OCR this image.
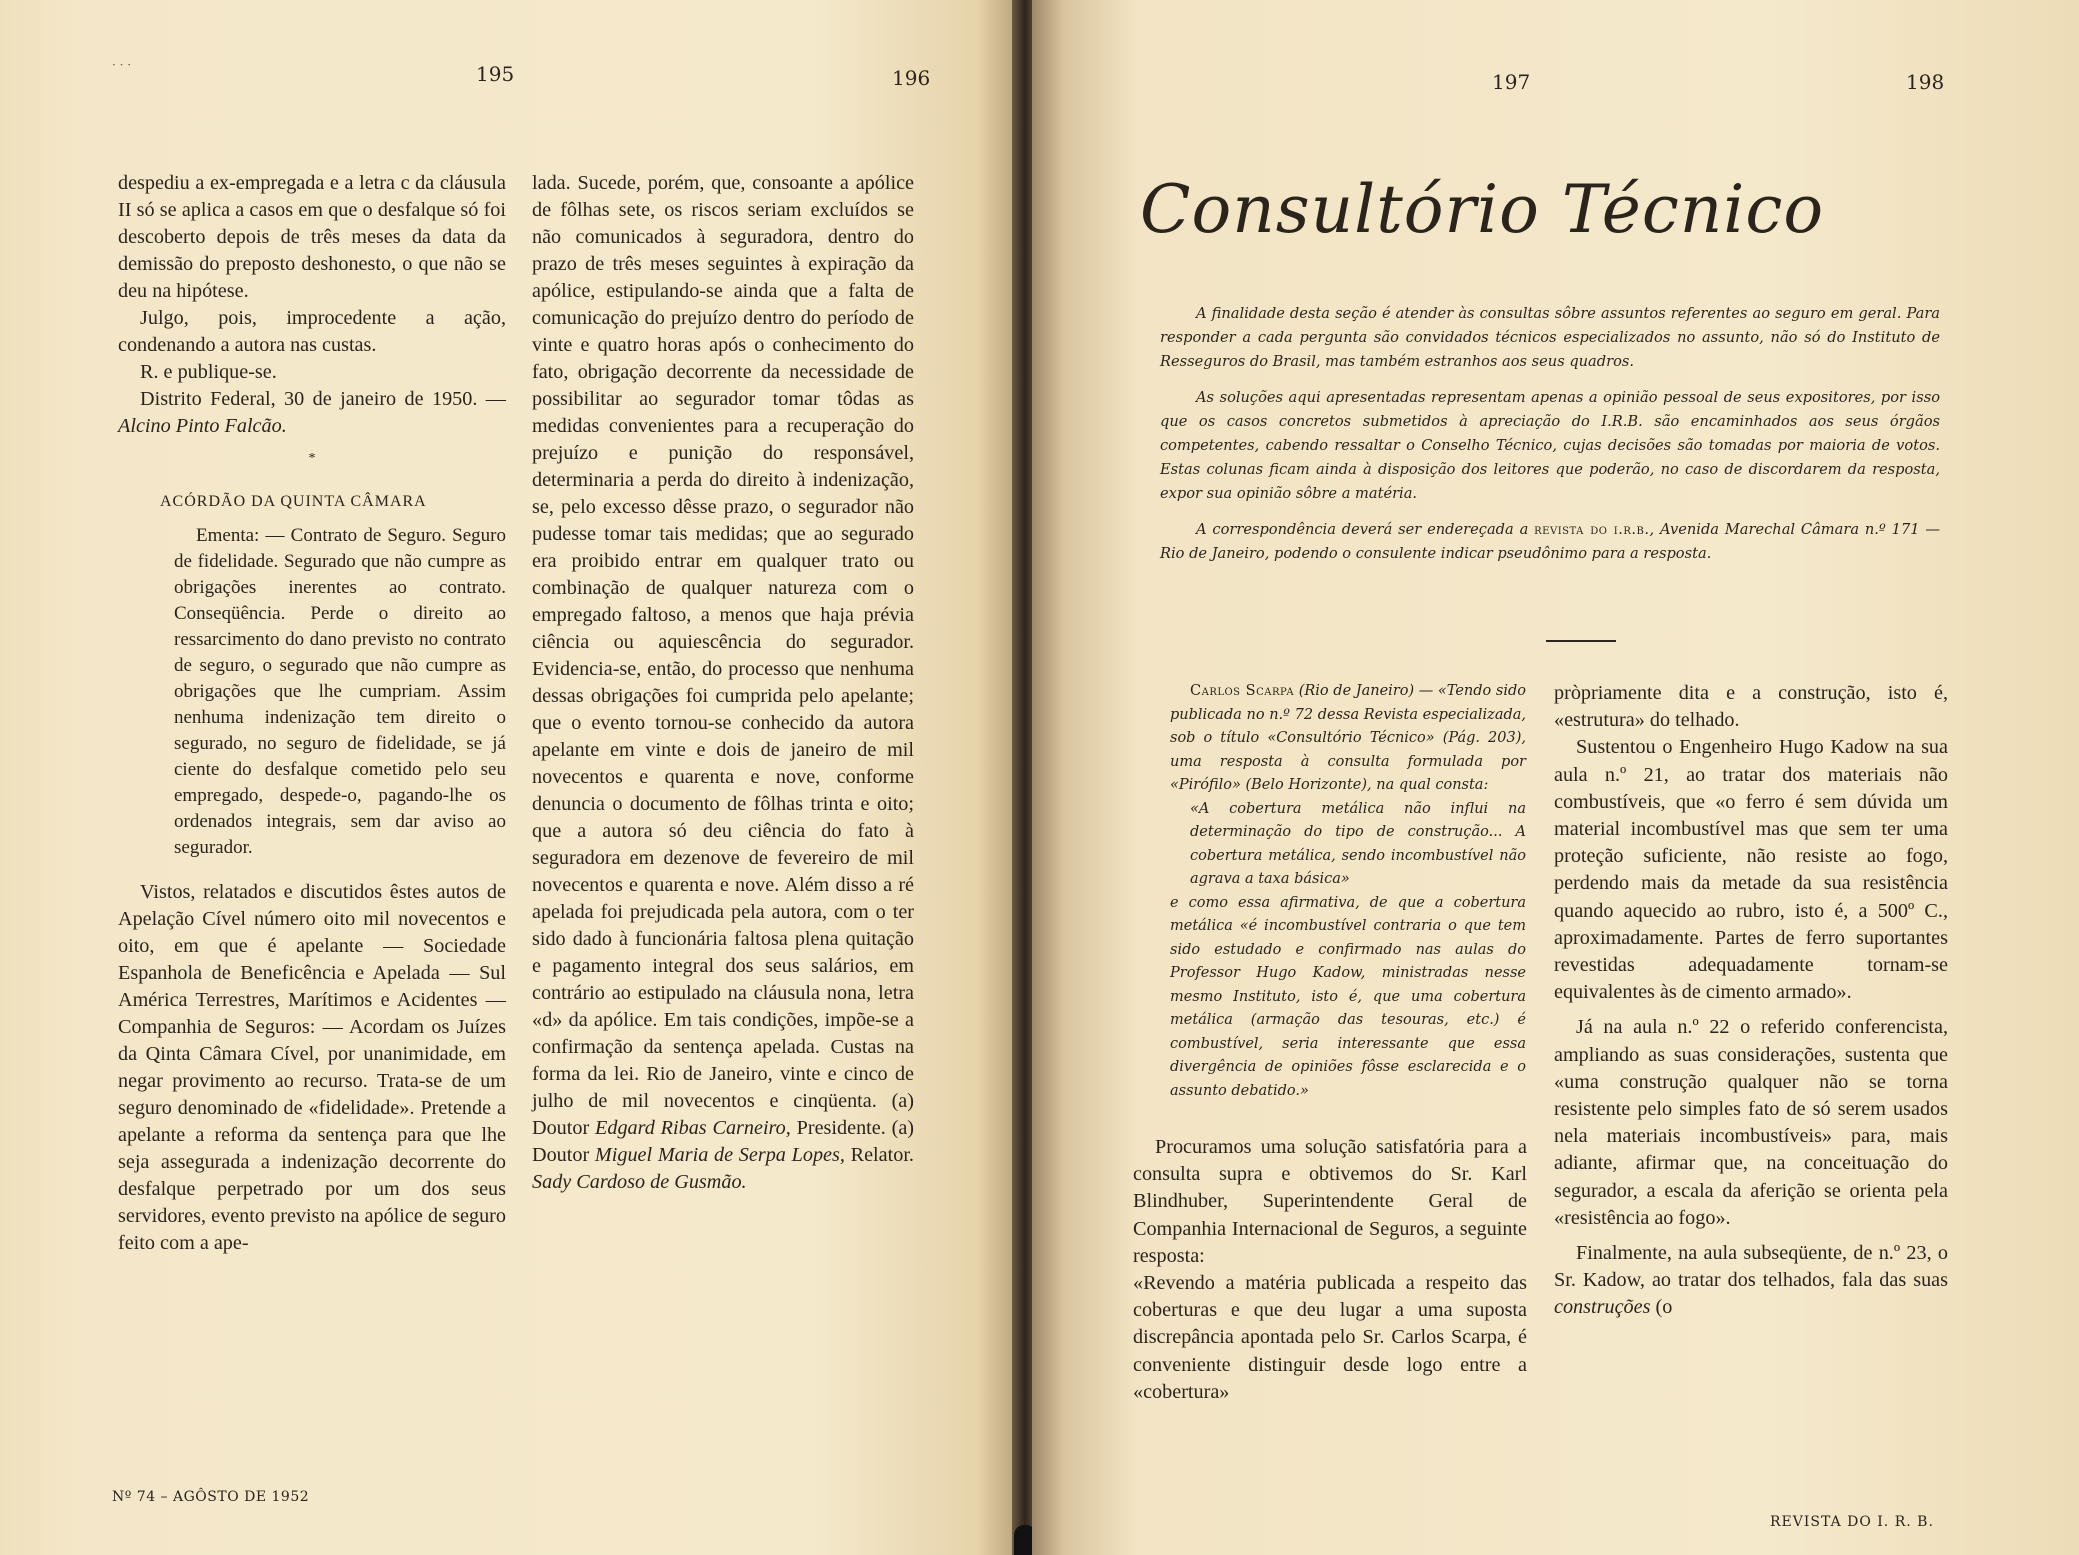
195	196

despediu a ex-empregada e a letra c da cláusula II só se aplica a casos em que o desfalque só foi descoberto depois de três meses da data da demissão do preposto deshonesto, o que não se deu na hipótese.

Julgo, pois, improcedente a ação, condenando a autora nas custas.

R. e publique-se.

Distrito Federal, 30 de janeiro de 1950. — Alcino Pinto Falcão.

*

ACÓRDÃO DA QUINTA CÂMARA

Ementa: — Contrato de Seguro. Seguro de fidelidade. Segurado que não cumpre as obrigações inerentes ao contrato. Conseqüência. Perde o direito ao ressarcimento do dano previsto no contrato de seguro, o segurado que não cumpre as obrigações que lhe cumpriam. Assim nenhuma indenização tem direito o segurado, no seguro de fidelidade, se já ciente do desfalque cometido pelo seu empregado, despede-o, pagando-lhe os ordenados integrais, sem dar aviso ao segurador.

Vistos, relatados e discutidos êstes autos de Apelação Cível número oito mil novecentos e oito, em que é apelante — Sociedade Espanhola de Beneficência e Apelada — Sul América Terrestres, Marítimos e Acidentes — Companhia de Seguros: — Acordam os Juízes da Qinta Câmara Cível, por unanimidade, em negar provimento ao recurso. Trata-se de um seguro denominado de «fidelidade». Pretende a apelante a reforma da sentença para que lhe seja assegurada a indenização decorrente do desfalque perpetrado por um dos seus servidores, evento previsto na apólice de seguro feito com a ape-

lada. Sucede, porém, que, consoante a apólice de fôlhas sete, os riscos seriam excluídos se não comunicados à seguradora, dentro do prazo de três meses seguintes à expiração da apólice, estipulando-se ainda que a falta de comunicação do prejuízo dentro do período de vinte e quatro horas após o conhecimento do fato, obrigação decorrente da necessidade de possibilitar ao segurador tomar tôdas as medidas convenientes para a recuperação do prejuízo e punição do responsável, determinaria a perda do direito à indenização, se, pelo excesso dêsse prazo, o segurador não pudesse tomar tais medidas; que ao segurado era proibido entrar em qualquer trato ou combinação de qualquer natureza com o empregado faltoso, a menos que haja prévia ciência ou aquiescência do segurador. Evidencia-se, então, do processo que nenhuma dessas obrigações foi cumprida pelo apelante; que o evento tornou-se conhecido da autora apelante em vinte e dois de janeiro de mil novecentos e quarenta e nove, conforme denuncia o documento de fôlhas trinta e oito; que a autora só deu ciência do fato à seguradora em dezenove de fevereiro de mil novecentos e quarenta e nove. Além disso a ré apelada foi prejudicada pela autora, com o ter sido dado à funcionária faltosa plena quitação e pagamento integral dos seus salários, em contrário ao estipulado na cláusula nona, letra «d» da apólice. Em tais condições, impõe-se a confirmação da sentença apelada. Custas na forma da lei. Rio de Janeiro, vinte e cinco de julho de mil novecentos e cinqüenta. (a) Doutor Edgard Ribas Carneiro, Presidente. (a) Doutor Miguel Maria de Serpa Lopes, Relator. Sady Cardoso de Gusmão.

Nº 74 – AGÔSTO DE 1952
· · ·
197	198
Consultório Técnico

A finalidade desta seção é atender às consultas sôbre assuntos referentes ao seguro em geral. Para responder a cada pergunta são convidados técnicos especializados no assunto, não só do Instituto de Resseguros do Brasil, mas também estranhos aos seus quadros.

As soluções aqui apresentadas representam apenas a opinião pessoal de seus expositores, por isso que os casos concretos submetidos à apreciação do I.R.B. são encaminhados aos seus órgãos competentes, cabendo ressaltar o Conselho Técnico, cujas decisões são tomadas por maioria de votos. Estas colunas ficam ainda à disposição dos leitores que poderão, no caso de discordarem da resposta, expor sua opinião sôbre a matéria.

A correspondência deverá ser endereçada a revista do i.r.b., Avenida Marechal Câmara n.º 171 — Rio de Janeiro, podendo o consulente indicar pseudônimo para a resposta.

Carlos Scarpa (Rio de Janeiro) — «Tendo sido publicada no n.º 72 dessa Revista especializada, sob o título «Consultório Técnico» (Pág. 203), uma resposta à consulta formulada por «Pirófilo» (Belo Horizonte), na qual consta:

«A cobertura metálica não influi na determinação do tipo de construção... A cobertura metálica, sendo incombustível não agrava a taxa básica»

e como essa afirmativa, de que a cobertura metálica «é incombustível contraria o que tem sido estudado e confirmado nas aulas do Professor Hugo Kadow, ministradas nesse mesmo Instituto, isto é, que uma cobertura metálica (armação das tesouras, etc.) é combustível, seria interessante que essa divergência de opiniões fôsse esclarecida e o assunto debatido.»

Procuramos uma solução satisfatória para a consulta supra e obtivemos do Sr. Karl Blindhuber, Superintendente Geral de Companhia Internacional de Seguros, a seguinte resposta:

«Revendo a matéria publicada a respeito das coberturas e que deu lugar a uma suposta discrepância apontada pelo Sr. Carlos Scarpa, é conveniente distinguir desde logo entre a «cobertura»

pròpriamente dita e a construção, isto é, «estrutura» do telhado.

Sustentou o Engenheiro Hugo Kadow na sua aula n.º 21, ao tratar dos materiais não combustíveis, que «o ferro é sem dúvida um material incombustível mas que sem ter uma proteção suficiente, não resiste ao fogo, perdendo mais da metade da sua resistência quando aquecido ao rubro, isto é, a 500º C., aproximadamente. Partes de ferro suportantes revestidas adequadamente tornam-se equivalentes às de cimento armado».

Já na aula n.º 22 o referido conferencista, ampliando as suas considerações, sustenta que «uma construção qualquer não se torna resistente pelo simples fato de só serem usados nela materiais incombustíveis» para, mais adiante, afirmar que, na conceituação do segurador, a escala da aferição se orienta pela «resistência ao fogo».

Finalmente, na aula subseqüente, de n.º 23, o Sr. Kadow, ao tratar dos telhados, fala das suas construções (o

REVISTA DO I. R. B.
